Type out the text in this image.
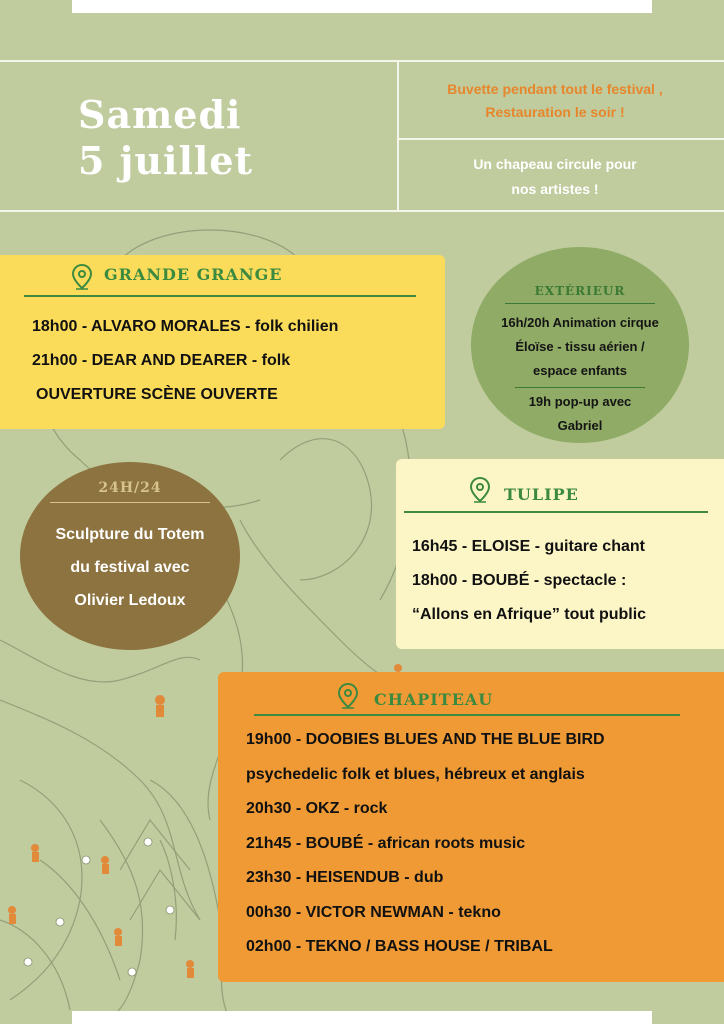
Samedi
5 juillet
Buvette pendant tout le festival ,
Restauration le soir !
Un chapeau circule pour
nos artistes !
GRANDE GRANGE
18h00 - ALVARO MORALES - folk chilien
21h00 - DEAR AND DEARER - folk
OUVERTURE SCÈNE OUVERTE
EXTÉRIEUR
16h/20h Animation cirque
Éloïse - tissu aérien /
espace enfants
19h pop-up avec
Gabriel
24H/24
Sculpture du Totem
du festival avec
Olivier Ledoux
TULIPE
16h45 - ELOISE - guitare chant
18h00 - BOUBÉ - spectacle :
“Allons en Afrique” tout public
CHAPITEAU
19h00 - DOOBIES BLUES AND THE BLUE BIRD
psychedelic folk et blues, hébreux et anglais
20h30 - OKZ - rock
21h45 - BOUBÉ - african roots music
23h30 - HEISENDUB - dub
00h30 - VICTOR NEWMAN - tekno
02h00 - TEKNO / BASS HOUSE / TRIBAL
